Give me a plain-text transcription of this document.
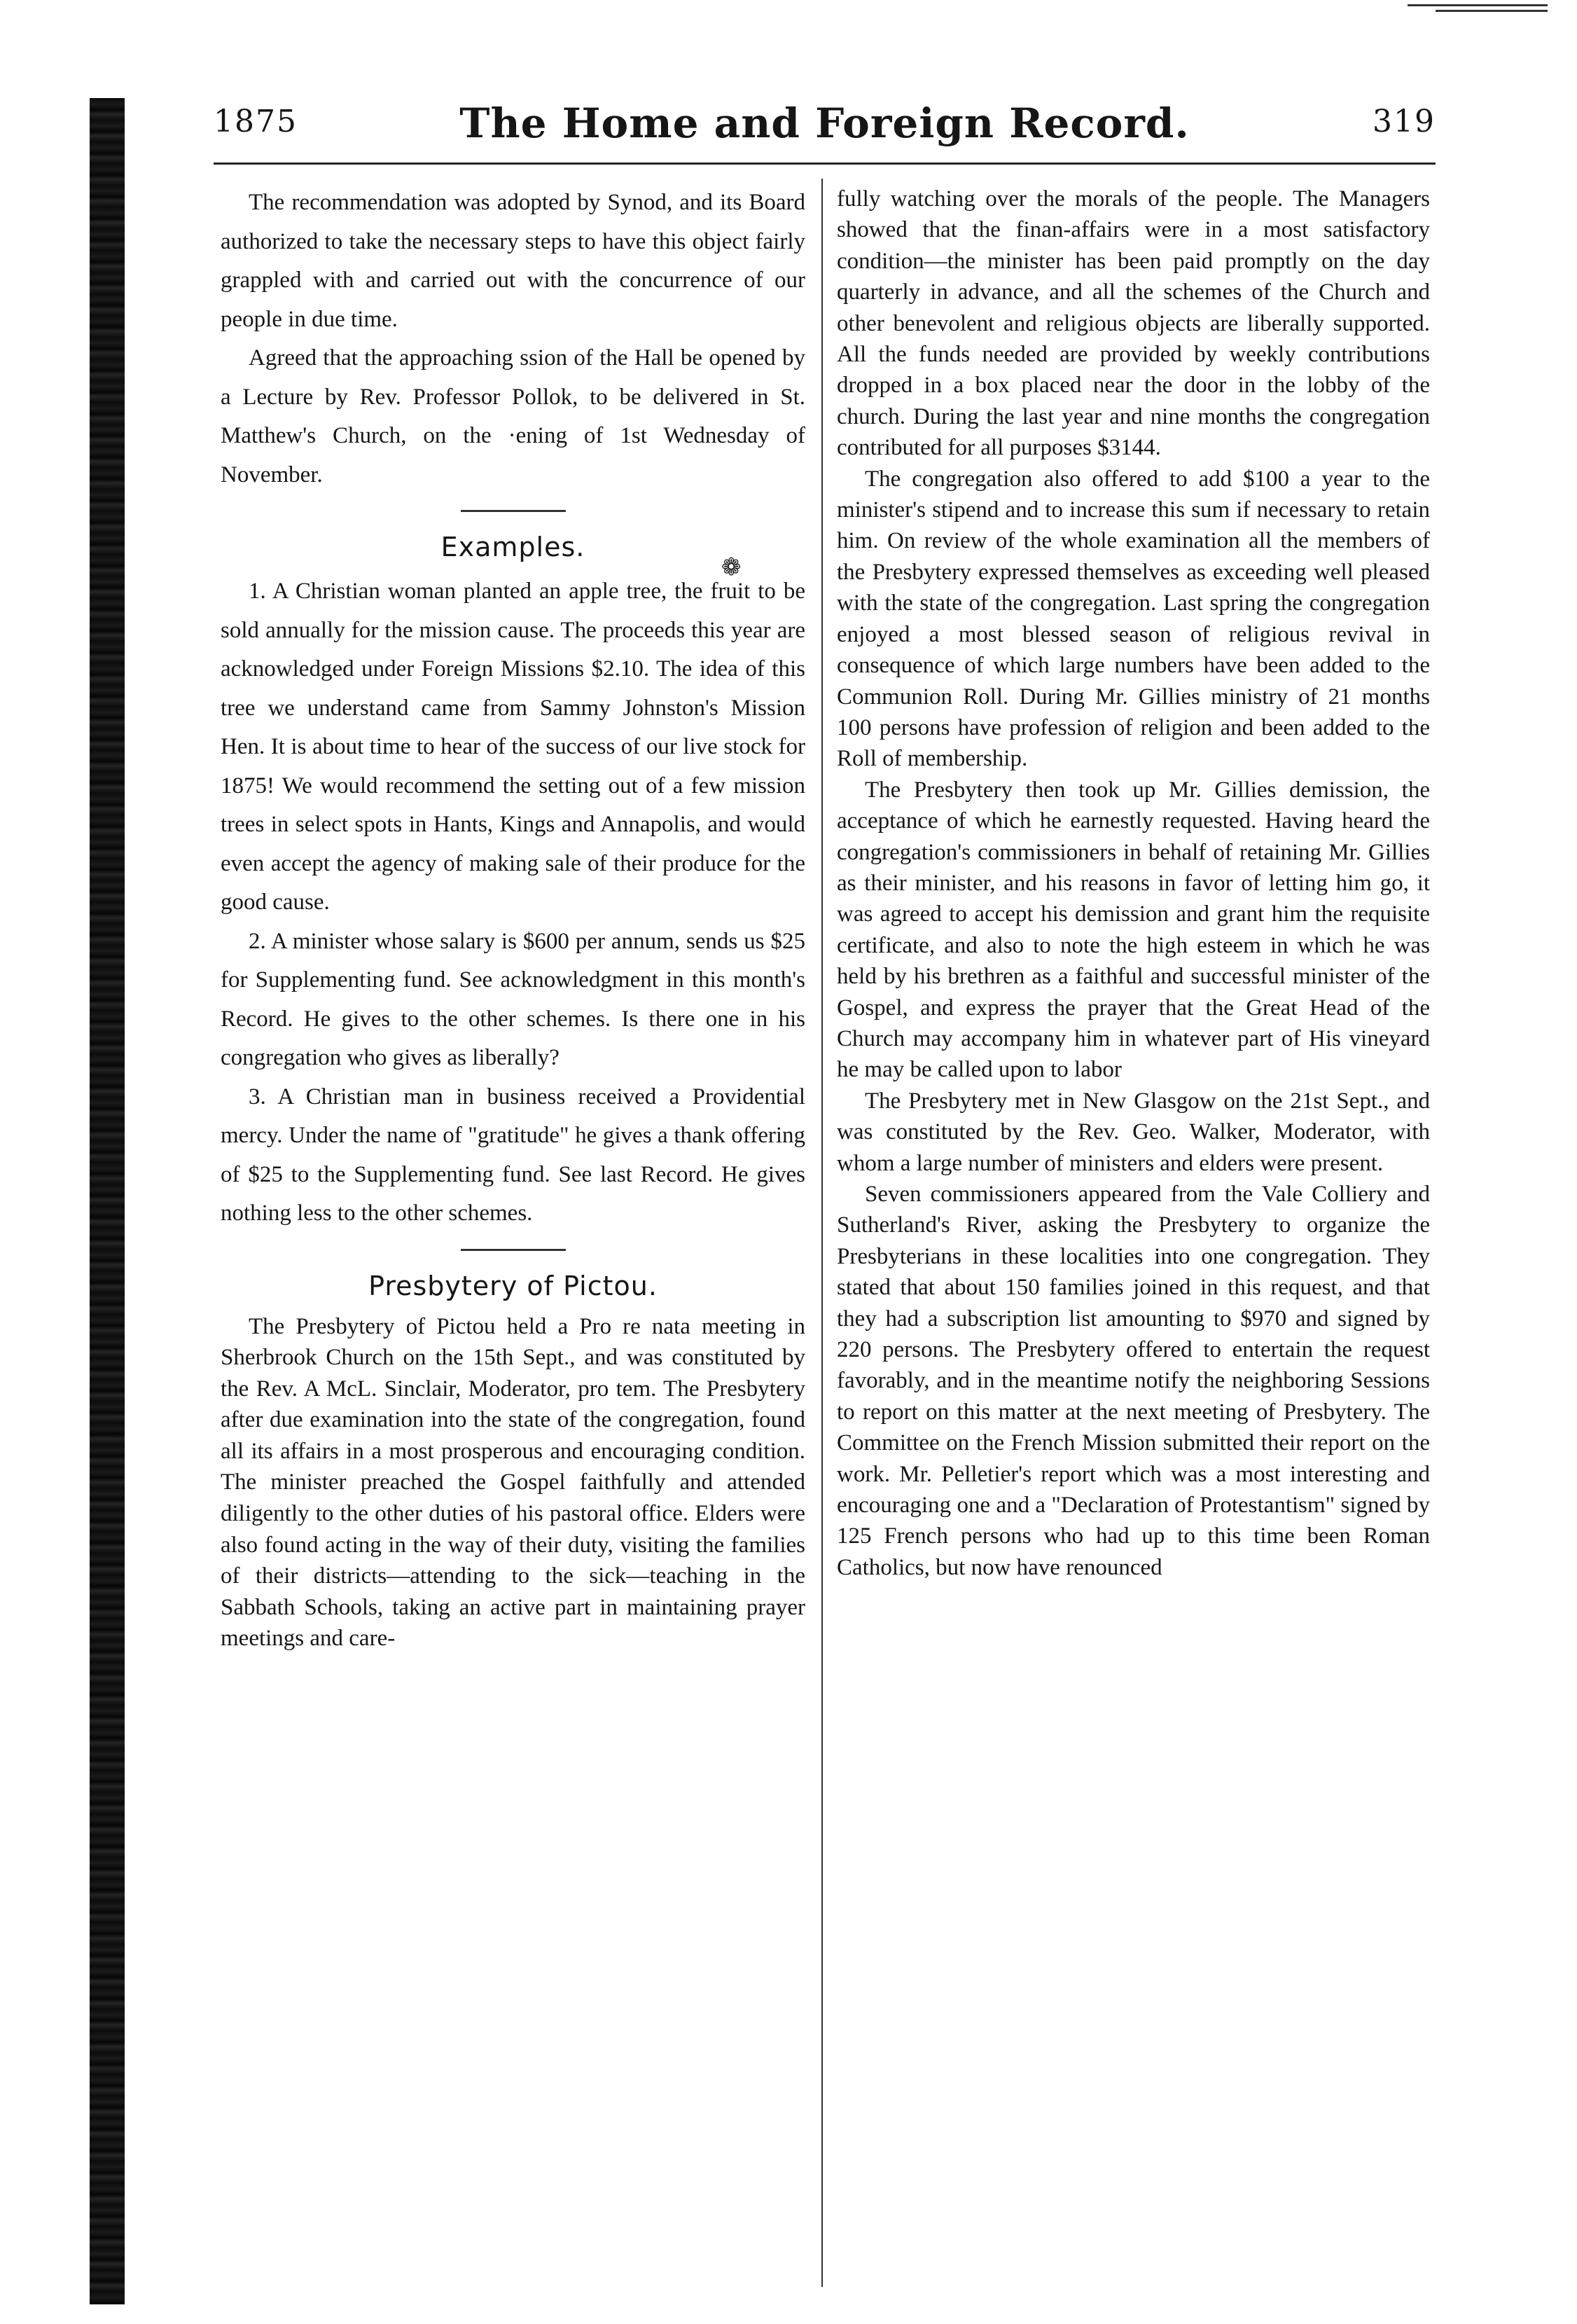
1875	The Home and Foreign Record.	319

The recommendation was adopted by Synod, and its Board authorized to take the necessary steps to have this object fairly grappled with and carried out with the concurrence of our people in due time.

Agreed that the approaching ssion of the Hall be opened by a Lecture by Rev. Professor Pollok, to be delivered in St. Matthew's Church, on the ·ening of 1st Wednesday of November.

Examples.

1. A Christian woman planted an apple tree, the fruit to be sold annually for the mission cause. The proceeds this year are acknowledged under Foreign Missions $2.10. The idea of this tree we understand came from Sammy Johnston's Mission Hen. It is about time to hear of the success of our live stock for 1875! We would recommend the setting out of a few mission trees in select spots in Hants, Kings and Annapolis, and would even accept the agency of making sale of their produce for the good cause.

2. A minister whose salary is $600 per annum, sends us $25 for Supplementing fund. See acknowledgment in this month's Record. He gives to the other schemes. Is there one in his congregation who gives as liberally?

3. A Christian man in business received a Providential mercy. Under the name of "gratitude" he gives a thank offering of $25 to the Supplementing fund. See last Record. He gives nothing less to the other schemes.

Presbytery of Pictou.

The Presbytery of Pictou held a Pro re nata meeting in Sherbrook Church on the 15th Sept., and was constituted by the Rev. A McL. Sinclair, Moderator, pro tem. The Presbytery after due examination into the state of the congregation, found all its affairs in a most prosperous and encouraging condition. The minister preached the Gospel faithfully and attended diligently to the other duties of his pastoral office. Elders were also found acting in the way of their duty, visiting the families of their districts—attending to the sick—teaching in the Sabbath Schools, taking an active part in maintaining prayer meetings and care-

❁

fully watching over the morals of the people. The Managers showed that the finan-affairs were in a most satisfactory condition—the minister has been paid promptly on the day quarterly in advance, and all the schemes of the Church and other benevolent and religious objects are liberally supported. All the funds needed are provided by weekly contributions dropped in a box placed near the door in the lobby of the church. During the last year and nine months the congregation contributed for all purposes $3144.

The congregation also offered to add $100 a year to the minister's stipend and to increase this sum if necessary to retain him. On review of the whole examination all the members of the Presbytery expressed themselves as exceeding well pleased with the state of the congregation. Last spring the congregation enjoyed a most blessed season of religious revival in consequence of which large numbers have been added to the Communion Roll. During Mr. Gillies ministry of 21 months 100 persons have profession of religion and been added to the Roll of membership.

The Presbytery then took up Mr. Gillies demission, the acceptance of which he earnestly requested. Having heard the congregation's commissioners in behalf of retaining Mr. Gillies as their minister, and his reasons in favor of letting him go, it was agreed to accept his demission and grant him the requisite certificate, and also to note the high esteem in which he was held by his brethren as a faithful and successful minister of the Gospel, and express the prayer that the Great Head of the Church may accompany him in whatever part of His vineyard he may be called upon to labor

The Presbytery met in New Glasgow on the 21st Sept., and was constituted by the Rev. Geo. Walker, Moderator, with whom a large number of ministers and elders were present.

Seven commissioners appeared from the Vale Colliery and Sutherland's River, asking the Presbytery to organize the Presbyterians in these localities into one congregation. They stated that about 150 families joined in this request, and that they had a subscription list amounting to $970 and signed by 220 persons. The Presbytery offered to entertain the request favorably, and in the meantime notify the neighboring Sessions to report on this matter at the next meeting of Presbytery. The Committee on the French Mission submitted their report on the work. Mr. Pelletier's report which was a most interesting and encouraging one and a "Declaration of Protestantism" signed by 125 French persons who had up to this time been Roman Catholics, but now have renounced
